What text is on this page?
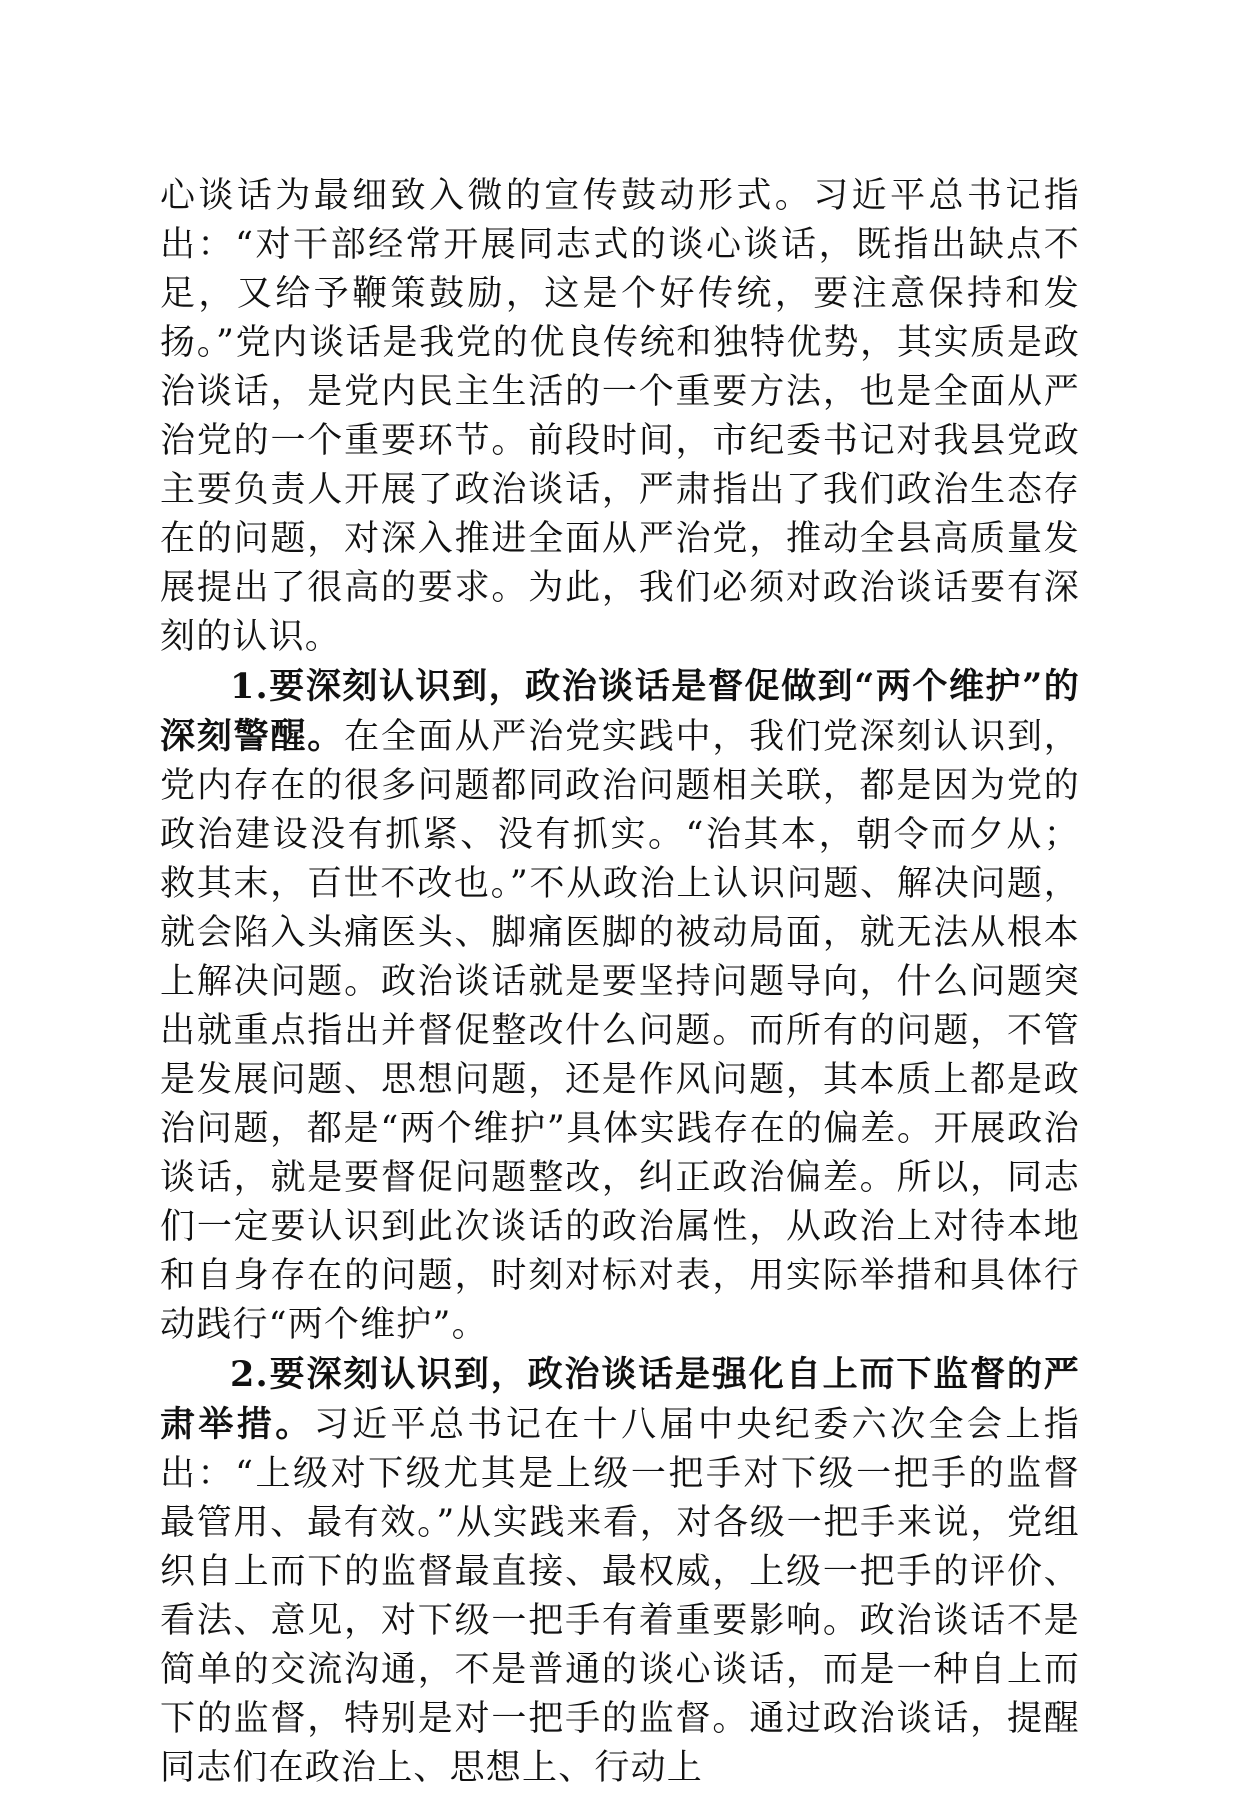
心谈话为最细致入微的宣传鼓动形式。习近平总书记指出：“对干部经常开展同志式的谈心谈话，既指出缺点不足，又给予鞭策鼓励，这是个好传统，要注意保持和发扬。”党内谈话是我党的优良传统和独特优势，其实质是政治谈话，是党内民主生活的一个重要方法，也是全面从严治党的一个重要环节。前段时间，市纪委书记对我县党政主要负责人开展了政治谈话，严肃指出了我们政治生态存在的问题，对深入推进全面从严治党，推动全县高质量发展提出了很高的要求。为此，我们必须对政治谈话要有深刻的认识。

1.要深刻认识到，政治谈话是督促做到“两个维护”的深刻警醒。在全面从严治党实践中，我们党深刻认识到，党内存在的很多问题都同政治问题相关联，都是因为党的政治建设没有抓紧、没有抓实。“治其本，朝令而夕从；救其末，百世不改也。”不从政治上认识问题、解决问题，就会陷入头痛医头、脚痛医脚的被动局面，就无法从根本上解决问题。政治谈话就是要坚持问题导向，什么问题突出就重点指出并督促整改什么问题。而所有的问题，不管是发展问题、思想问题，还是作风问题，其本质上都是政治问题，都是“两个维护”具体实践存在的偏差。开展政治谈话，就是要督促问题整改，纠正政治偏差。所以，同志们一定要认识到此次谈话的政治属性，从政治上对待本地和自身存在的问题，时刻对标对表，用实际举措和具体行动践行“两个维护”。

2.要深刻认识到，政治谈话是强化自上而下监督的严肃举措。习近平总书记在十八届中央纪委六次全会上指出：“上级对下级尤其是上级一把手对下级一把手的监督最管用、最有效。”从实践来看，对各级一把手来说，党组织自上而下的监督最直接、最权威，上级一把手的评价、看法、意见，对下级一把手有着重要影响。政治谈话不是简单的交流沟通，不是普通的谈心谈话，而是一种自上而下的监督，特别是对一把手的监督。通过政治谈话，提醒同志们在政治上、思想上、行动上
